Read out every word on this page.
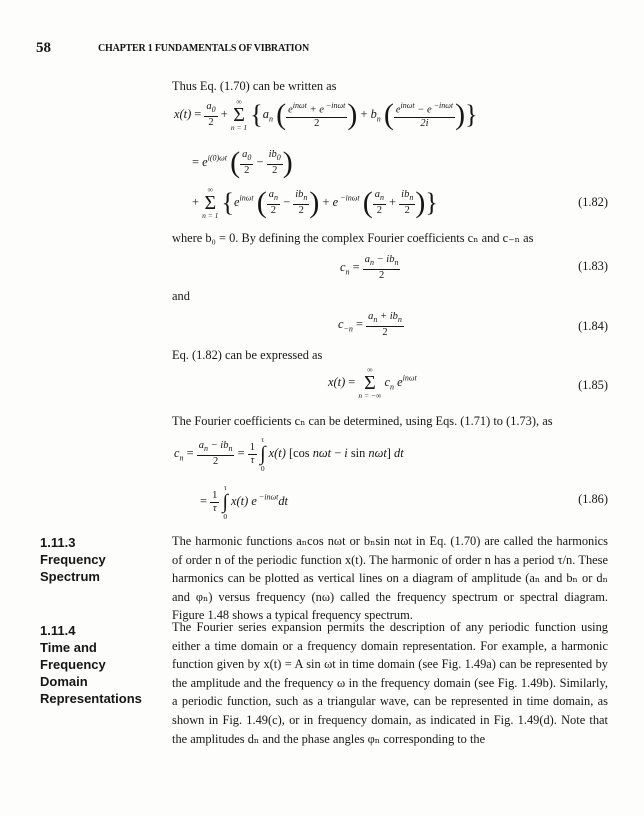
58	CHAPTER 1 FUNDAMENTALS OF VIBRATION
Thus Eq. (1.70) can be written as
$x(t) = \frac{a_0}{2}$ +
∞
Σ
n = 1 {$a_n$ ( $\frac{e^{in\omega t} + e ^{-in\omega t}}{2}$ ) + $b_n$ ( $\frac{e^{in\omega t} - e ^{-in\omega t}}{2i}$ )}
= $e^{i(0)\omega t}$ ( $\frac{a_0}{2} - \frac{ib_0}{2}$ )
+
∞
Σ
n = 1 {$e^{in\omega t}$ ( $\frac{a_n}{2} - \frac{ib_n}{2}$ ) + e $^{-in\omega t}$ ( $\frac{a_n}{2} + \frac{ib_n}{2}$ )}	(1.82)
where b₀ = 0. By defining the complex Fourier coefficients cₙ and c₋ₙ as
$c_n = \frac{a_n - ib_n}{2}$	(1.83)
and
$c_{-n} = \frac{a_n + ib_n}{2}$	(1.84)
Eq. (1.82) can be expressed as
x(t) =
∞
Σ
n = −∞
$c_n$ $e^{in\omega t}$	(1.85)
The Fourier coefficients cₙ can be determined, using Eqs. (1.71) to (1.73), as
$c_n = \frac{a_n - ib_n}{2} = \frac{1}{\tau}$

τ
∫
0
x(t) [cos nωt − i sin nωt] dt
= $\frac{1}{\tau}$

τ
∫
0
x(t) e $^{-in\omega t}$dt	(1.86)
1.11.3
Frequency
Spectrum
The harmonic functions aₙcos nωt or bₙsin nωt in Eq. (1.70) are called the harmonics of order n of the periodic function x(t). The harmonic of order n has a period τ/n. These harmonics can be plotted as vertical lines on a diagram of amplitude (aₙ and bₙ or dₙ and φₙ) versus frequency (nω) called the frequency spectrum or spectral diagram. Figure 1.48 shows a typical frequency spectrum.
1.11.4
Time and
Frequency
Domain
Representations
The Fourier series expansion permits the description of any periodic function using either a time domain or a frequency domain representation. For example, a harmonic function given by x(t) = A sin ωt in time domain (see Fig. 1.49a) can be represented by the amplitude and the frequency ω in the frequency domain (see Fig. 1.49b). Similarly, a periodic function, such as a triangular wave, can be represented in time domain, as shown in Fig. 1.49(c), or in frequency domain, as indicated in Fig. 1.49(d). Note that the amplitudes dₙ and the phase angles φₙ corresponding to the
